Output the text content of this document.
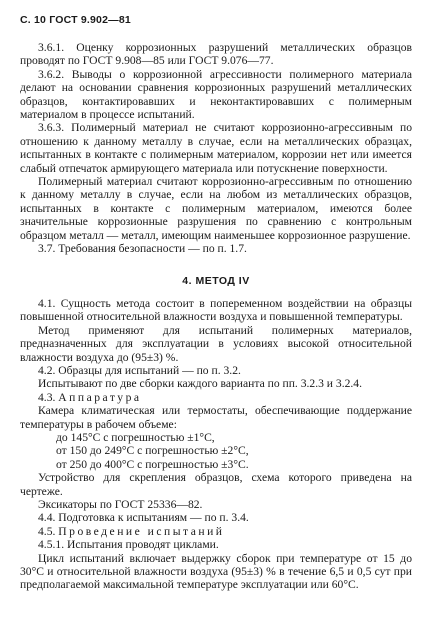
С. 10 ГОСТ 9.902—81

3.6.1. Оценку коррозионных разрушений металлических образцов проводят по ГОСТ 9.908—85 или ГОСТ 9.076—77.

3.6.2. Выводы о коррозионной агрессивности полимерного материала делают на основании сравнения коррозионных разрушений металлических образцов, контактировавших и неконтактировавших с полимерным материалом в процессе испытаний.

3.6.3. Полимерный материал не считают коррозионно-агрессивным по отношению к данному металлу в случае, если на металлических образцах, испытанных в контакте с полимерным материалом, коррозии нет или имеется слабый отпечаток армирующего материала или потускнение поверхности.

Полимерный материал считают коррозионно-агрессивным по отношению к данному металлу в случае, если на любом из металлических образцов, испытанных в контакте с полимерным материалом, имеются более значительные коррозионные разрушения по сравнению с контрольным образцом металл — металл, имеющим наименьшее коррозионное разрушение.

3.7. Требования безопасности — по п. 1.7.

4. МЕТОД IV

4.1. Сущность метода состоит в попеременном воздействии на образцы повышенной относительной влажности воздуха и повышенной температуры.

Метод применяют для испытаний полимерных материалов, предназначенных для эксплуатации в условиях высокой относительной влажности воздуха до (95±3) %.

4.2. Образцы для испытаний — по п. 3.2.

Испытывают по две сборки каждого варианта по пп. 3.2.3 и 3.2.4.

4.3. Аппаратура

Камера климатическая или термостаты, обеспечивающие поддержание температуры в рабочем объеме:

до 145°С с погрешностью ±1°С,

от 150 до 249°С с погрешностью ±2°С,

от 250 до 400°С с погрешностью ±3°С.

Устройство для скрепления образцов, схема которого приведена на чертеже.

Эксикаторы по ГОСТ 25336—82.

4.4. Подготовка к испытаниям — по п. 3.4.

4.5. Проведение испытаний

4.5.1. Испытания проводят циклами.

Цикл испытаний включает выдержку сборок при температуре от 15 до 30°С и относительной влажности воздуха (95±3) % в течение 6,5 и 0,5 сут при предполагаемой максимальной температуре эксплуатации или 60°С.
